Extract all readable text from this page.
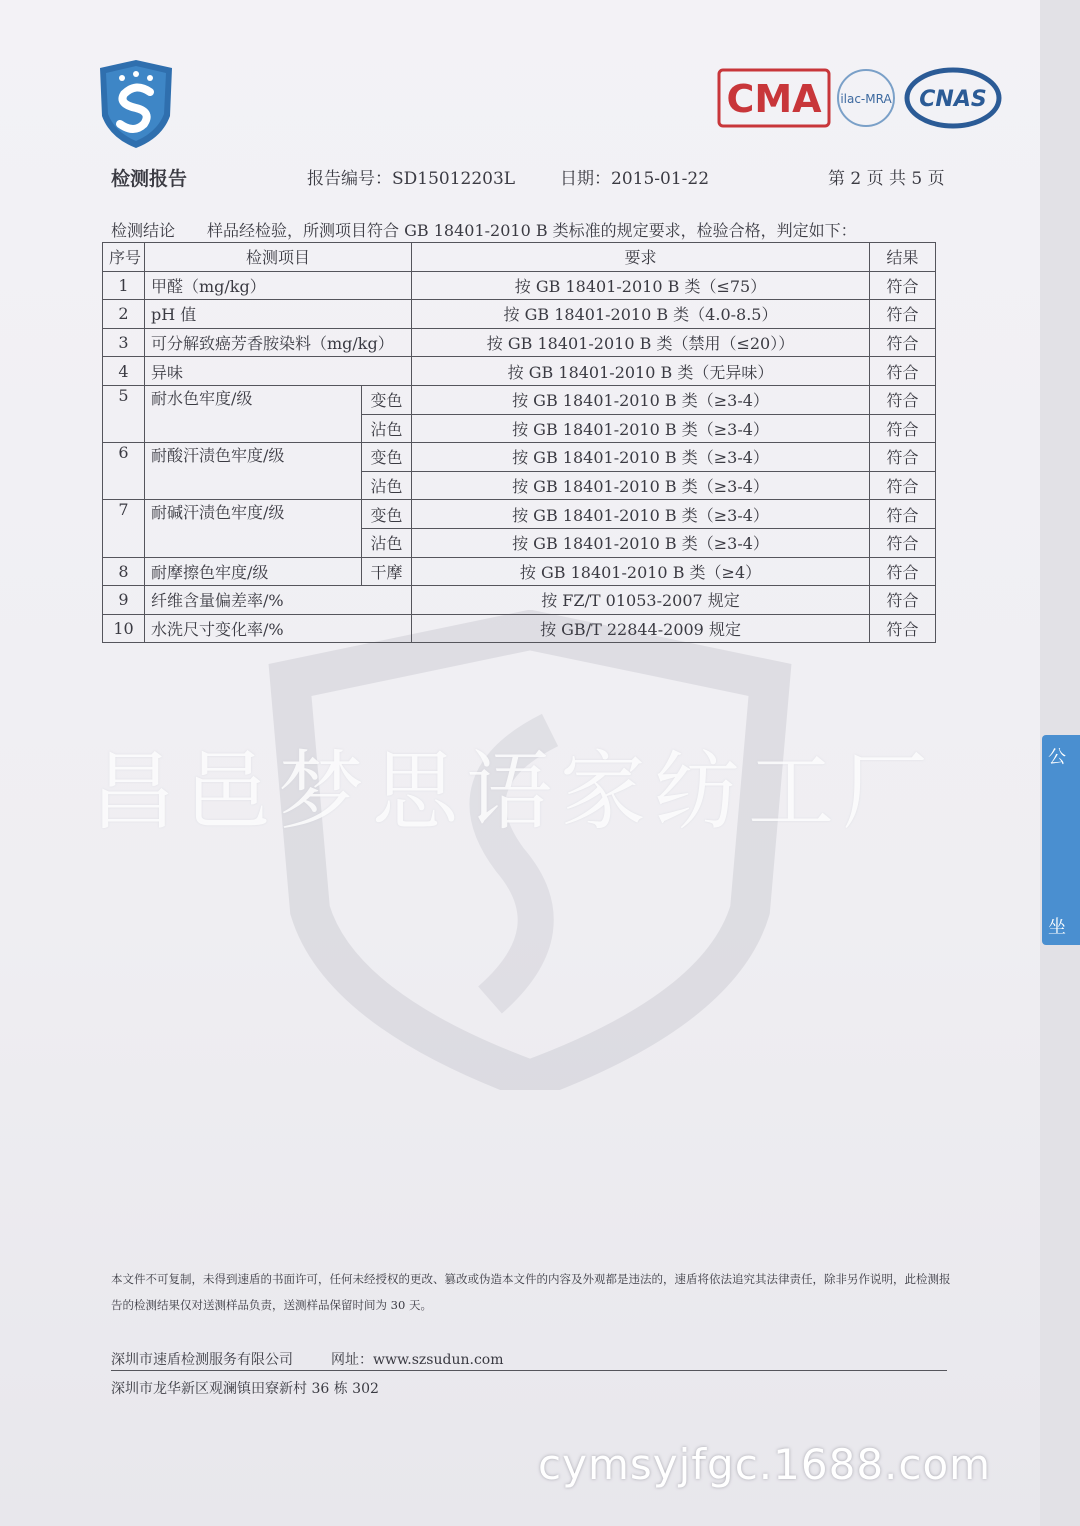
CMA ilac-MRA CNAS
检测报告	报告编号：SD15012203L	日期：2015-01-22	第 2 页 共 5 页
检测结论 样品经检验，所测项目符合 GB 18401-2010 B 类标准的规定要求，检验合格，判定如下：
序号	检测项目		要求	结果
1	甲醛（mg/kg）		按 GB 18401-2010 B 类（≤75）	符合
2	pH 值		按 GB 18401-2010 B 类（4.0-8.5）	符合
3	可分解致癌芳香胺染料（mg/kg）		按 GB 18401-2010 B 类（禁用（≤20））	符合
4	异味		按 GB 18401-2010 B 类（无异味）	符合
5	耐水色牢度/级	变色	按 GB 18401-2010 B 类（≥3-4）	符合
		沾色	按 GB 18401-2010 B 类（≥3-4）	符合
6	耐酸汗渍色牢度/级	变色	按 GB 18401-2010 B 类（≥3-4）	符合
		沾色	按 GB 18401-2010 B 类（≥3-4）	符合
7	耐碱汗渍色牢度/级	变色	按 GB 18401-2010 B 类（≥3-4）	符合
		沾色	按 GB 18401-2010 B 类（≥3-4）	符合
8	耐摩擦色牢度/级	干摩	按 GB 18401-2010 B 类（≥4）	符合
9	纤维含量偏差率/%		按 FZ/T 01053-2007 规定	符合
10	水洗尺寸变化率/%		按 GB/T 22844-2009 规定	符合
昌邑梦思语家纺工厂
本文件不可复制，未得到速盾的书面许可，任何未经授权的更改、篡改或伪造本文件的内容及外观都是违法的，速盾将依法追究其法律责任，除非另作说明，此检测报告的检测结果仅对送测样品负责，送测样品保留时间为 30 天。
深圳市速盾检测服务有限公司	网址：www.szsudun.com
深圳市龙华新区观澜镇田寮新村 36 栋 302
cymsyjfgc.1688.com
公
坐
